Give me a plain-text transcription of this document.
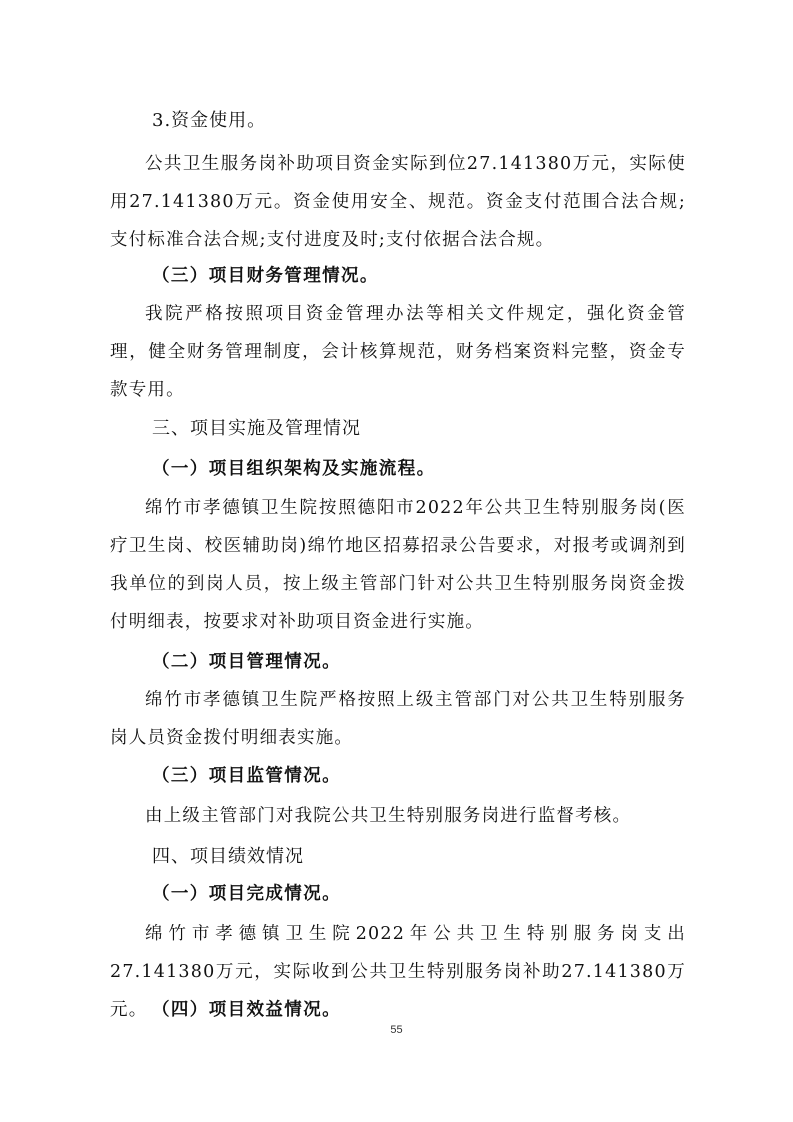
3.资金使用。

公共卫生服务岗补助项目资金实际到位27.141380万元，实际使用27.141380万元。资金使用安全、规范。资金支付范围合法合规;支付标准合法合规;支付进度及时;支付依据合法合规。

（三）项目财务管理情况。

我院严格按照项目资金管理办法等相关文件规定，强化资金管理，健全财务管理制度，会计核算规范，财务档案资料完整，资金专款专用。

三、项目实施及管理情况
（一）项目组织架构及实施流程。

绵竹市孝德镇卫生院按照德阳市2022年公共卫生特别服务岗(医疗卫生岗、校医辅助岗)绵竹地区招募招录公告要求，对报考或调剂到我单位的到岗人员，按上级主管部门针对公共卫生特别服务岗资金拨付明细表，按要求对补助项目资金进行实施。

（二）项目管理情况。

绵竹市孝德镇卫生院严格按照上级主管部门对公共卫生特别服务岗人员资金拨付明细表实施。

（三）项目监管情况。

由上级主管部门对我院公共卫生特别服务岗进行监督考核。

四、项目绩效情况
（一）项目完成情况。

绵竹市孝德镇卫生院2022年公共卫生特别服务岗支出27.141380万元，实际收到公共卫生特别服务岗补助27.141380万元。 （四）项目效益情况。
55
